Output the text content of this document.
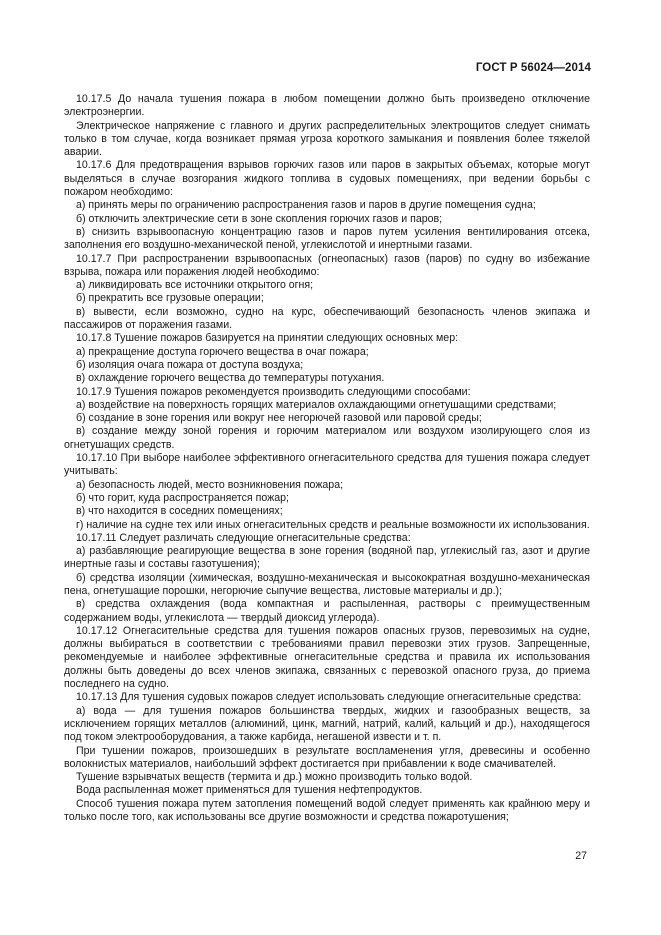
ГОСТ Р 56024—2014

10.17.5 До начала тушения пожара в любом помещении должно быть произведено отключение электроэнергии.

Электрическое напряжение с главного и других распределительных электрощитов следует снимать только в том случае, когда возникает прямая угроза короткого замыкания и появления более тяжелой аварии.

10.17.6 Для предотвращения взрывов горючих газов или паров в закрытых объемах, которые могут выделяться в случае возгорания жидкого топлива в судовых помещениях, при ведении борьбы с пожаром необходимо:

а) принять меры по ограничению распространения газов и паров в другие помещения судна;

б) отключить электрические сети в зоне скопления горючих газов и паров;

в) снизить взрывоопасную концентрацию газов и паров путем усиления вентилирования отсека, заполнения его воздушно-механической пеной, углекислотой и инертными газами.

10.17.7 При распространении взрывоопасных (огнеопасных) газов (паров) по судну во избежание взрыва, пожара или поражения людей необходимо:

а) ликвидировать все источники открытого огня;

б) прекратить все грузовые операции;

в) вывести, если возможно, судно на курс, обеспечивающий безопасность членов экипажа и пассажиров от поражения газами.

10.17.8 Тушение пожаров базируется на принятии следующих основных мер:

а) прекращение доступа горючего вещества в очаг пожара;

б) изоляция очага пожара от доступа воздуха;

в) охлаждение горючего вещества до температуры потухания.

10.17.9 Тушения пожаров рекомендуется производить следующими способами:

а) воздействие на поверхность горящих материалов охлаждающими огнетушащими средствами;

б) создание в зоне горения или вокруг нее негорючей газовой или паровой среды;

в) создание между зоной горения и горючим материалом или воздухом изолирующего слоя из огнетушащих средств.

10.17.10 При выборе наиболее эффективного огнегасительного средства для тушения пожара следует учитывать:

а) безопасность людей, место возникновения пожара;

б) что горит, куда распространяется пожар;

в) что находится в соседних помещениях;

г) наличие на судне тех или иных огнегасительных средств и реальные возможности их использования.

10.17.11 Следует различать следующие огнегасительные средства:

а) разбавляющие реагирующие вещества в зоне горения (водяной пар, углекислый газ, азот и другие инертные газы и составы газотушения);

б) средства изоляции (химическая, воздушно-механическая и высокократная воздушно-механическая пена, огнетушащие порошки, негорючие сыпучие вещества, листовые материалы и др.);

в) средства охлаждения (вода компактная и распыленная, растворы с преимущественным содержанием воды, углекислота — твердый диоксид углерода).

10.17.12 Огнегасительные средства для тушения пожаров опасных грузов, перевозимых на судне, должны выбираться в соответствии с требованиями правил перевозки этих грузов. Запрещенные, рекомендуемые и наиболее эффективные огнегасительные средства и правила их использования должны быть доведены до всех членов экипажа, связанных с перевозкой опасного груза, до приема последнего на судно.

10.17.13 Для тушения судовых пожаров следует использовать следующие огнегасительные средства:

а) вода — для тушения пожаров большинства твердых, жидких и газообразных веществ, за исключением горящих металлов (алюминий, цинк, магний, натрий, калий, кальций и др.), находящегося под током электрооборудования, а также карбида, негашеной извести и т. п.

При тушении пожаров, произошедших в результате воспламенения угля, древесины и особенно волокнистых материалов, наибольший эффект достигается при прибавлении к воде смачивателей.

Тушение взрывчатых веществ (термита и др.) можно производить только водой.

Вода распыленная может применяться для тушения нефтепродуктов.

Способ тушения пожара путем затопления помещений водой следует применять как крайнюю меру и только после того, как использованы все другие возможности и средства пожаротушения;

27
